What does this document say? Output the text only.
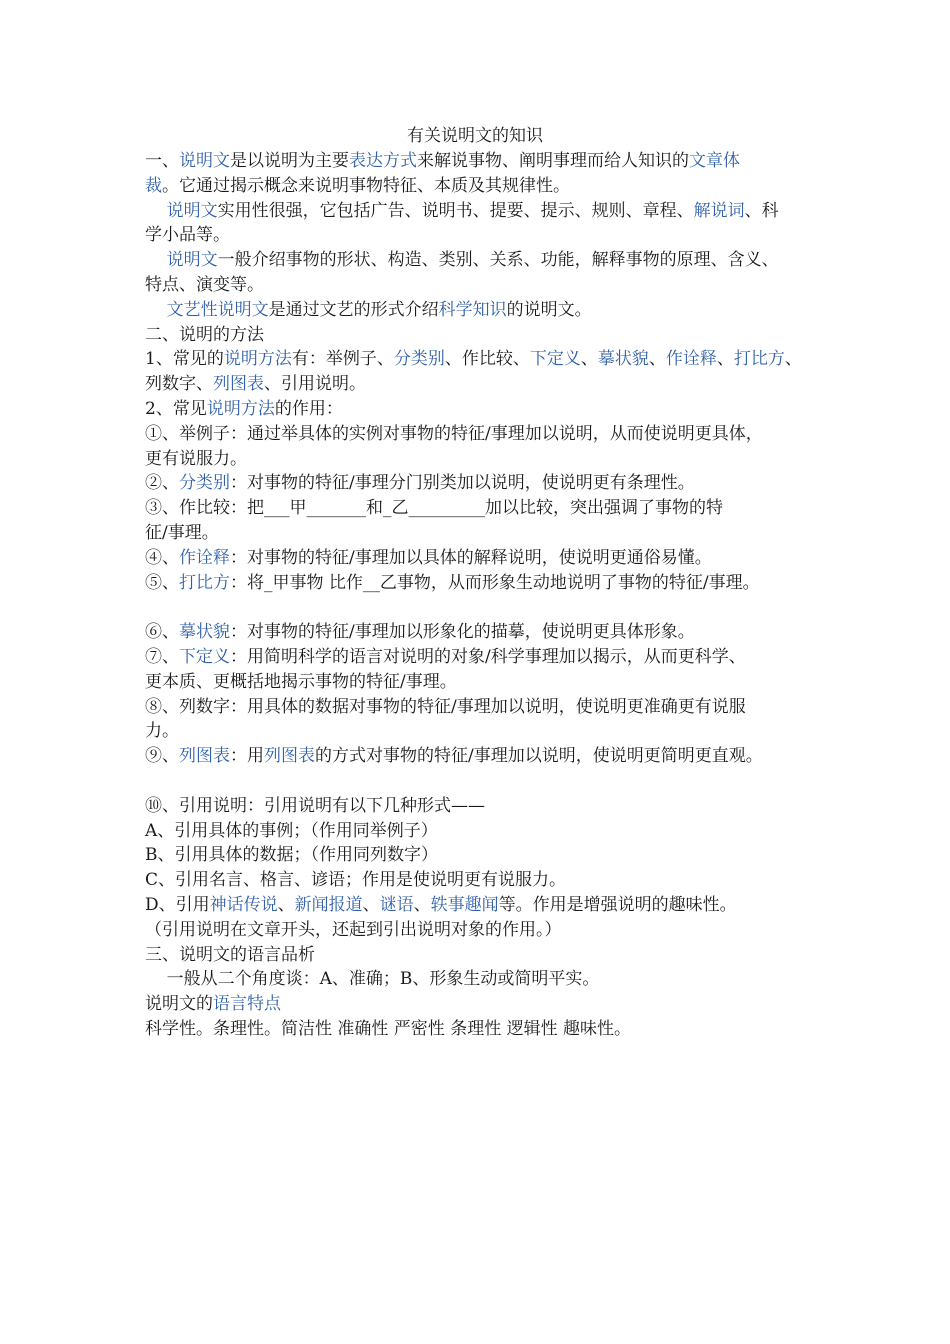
有关说明文的知识
一、说明文是以说明为主要表达方式来解说事物、阐明事理而给人知识的文章体
裁。它通过揭示概念来说明事物特征、本质及其规律性。
说明文实用性很强，它包括广告、说明书、提要、提示、规则、章程、解说词、科
学小品等。
说明文一般介绍事物的形状、构造、类别、关系、功能，解释事物的原理、含义、
特点、演变等。
文艺性说明文是通过文艺的形式介绍科学知识的说明文。
二、说明的方法
1、常见的说明方法有：举例子、分类别、作比较、下定义、摹状貌、作诠释、打比方、
列数字、列图表、引用说明。
2、常见说明方法的作用：
①、举例子：通过举具体的实例对事物的特征/事理加以说明，从而使说明更具体，
更有说服力。
②、分类别：对事物的特征/事理分门别类加以说明，使说明更有条理性。
③、作比较：把___甲_______和_乙_________加以比较，突出强调了事物的特
征/事理。
④、作诠释：对事物的特征/事理加以具体的解释说明，使说明更通俗易懂。
⑤、打比方：将_甲事物 比作__乙事物，从而形象生动地说明了事物的特征/事理。
⑥、摹状貌：对事物的特征/事理加以形象化的描摹，使说明更具体形象。
⑦、下定义：用简明科学的语言对说明的对象/科学事理加以揭示，从而更科学、
更本质、更概括地揭示事物的特征/事理。
⑧、列数字：用具体的数据对事物的特征/事理加以说明，使说明更准确更有说服
力。
⑨、列图表：用列图表的方式对事物的特征/事理加以说明，使说明更简明更直观。
⑩、引用说明：引用说明有以下几种形式——
A、引用具体的事例；（作用同举例子）
B、引用具体的数据；（作用同列数字）
C、引用名言、格言、谚语；作用是使说明更有说服力。
D、引用神话传说、新闻报道、谜语、轶事趣闻等。作用是增强说明的趣味性。
（引用说明在文章开头，还起到引出说明对象的作用。）
三、说明文的语言品析
一般从二个角度谈：A、准确；B、形象生动或简明平实。
说明文的语言特点
科学性。条理性。简洁性 准确性 严密性 条理性 逻辑性 趣味性。
